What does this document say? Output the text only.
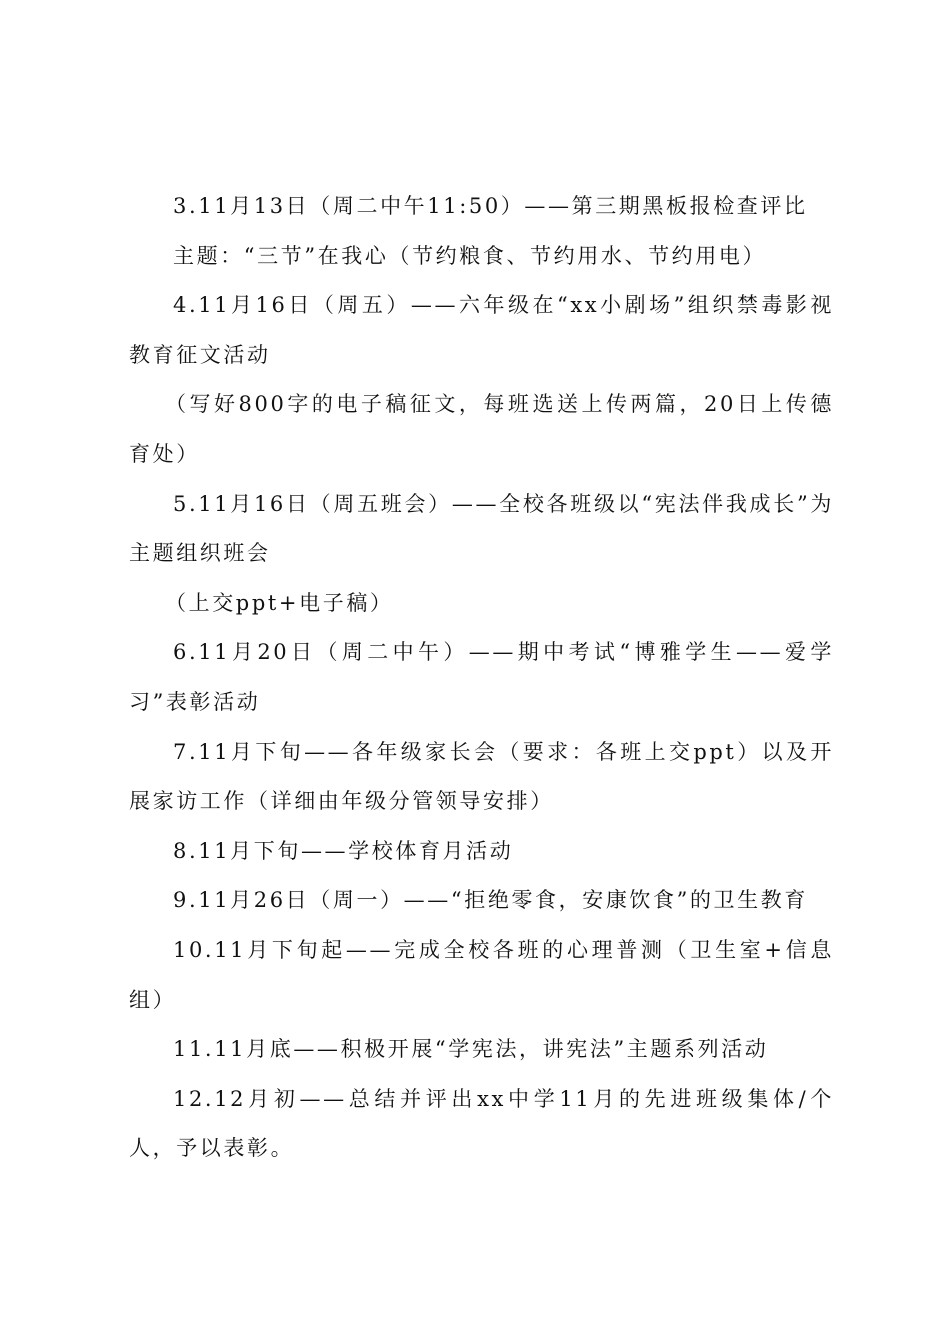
3.11月13日（周二中午11:50）——第三期黑板报检查评比

主题：“三节”在我心（节约粮食、节约用水、节约用电）

4.11月16日（周五）——六年级在“xx小剧场”组织禁毒影视教育征文活动

（写好800字的电子稿征文，每班选送上传两篇，20日上传德育处）

5.11月16日（周五班会）——全校各班级以“宪法伴我成长”为主题组织班会

（上交ppt+电子稿）

6.11月20日（周二中午）——期中考试“博雅学生——爱学习”表彰活动

7.11月下旬——各年级家长会（要求：各班上交ppt）以及开展家访工作（详细由年级分管领导安排）

8.11月下旬——学校体育月活动

9.11月26日（周一）——“拒绝零食，安康饮食”的卫生教育

10.11月下旬起——完成全校各班的心理普测（卫生室+信息组）

11.11月底——积极开展“学宪法，讲宪法”主题系列活动

12.12月初——总结并评出xx中学11月的先进班级集体/个人，予以表彰。
